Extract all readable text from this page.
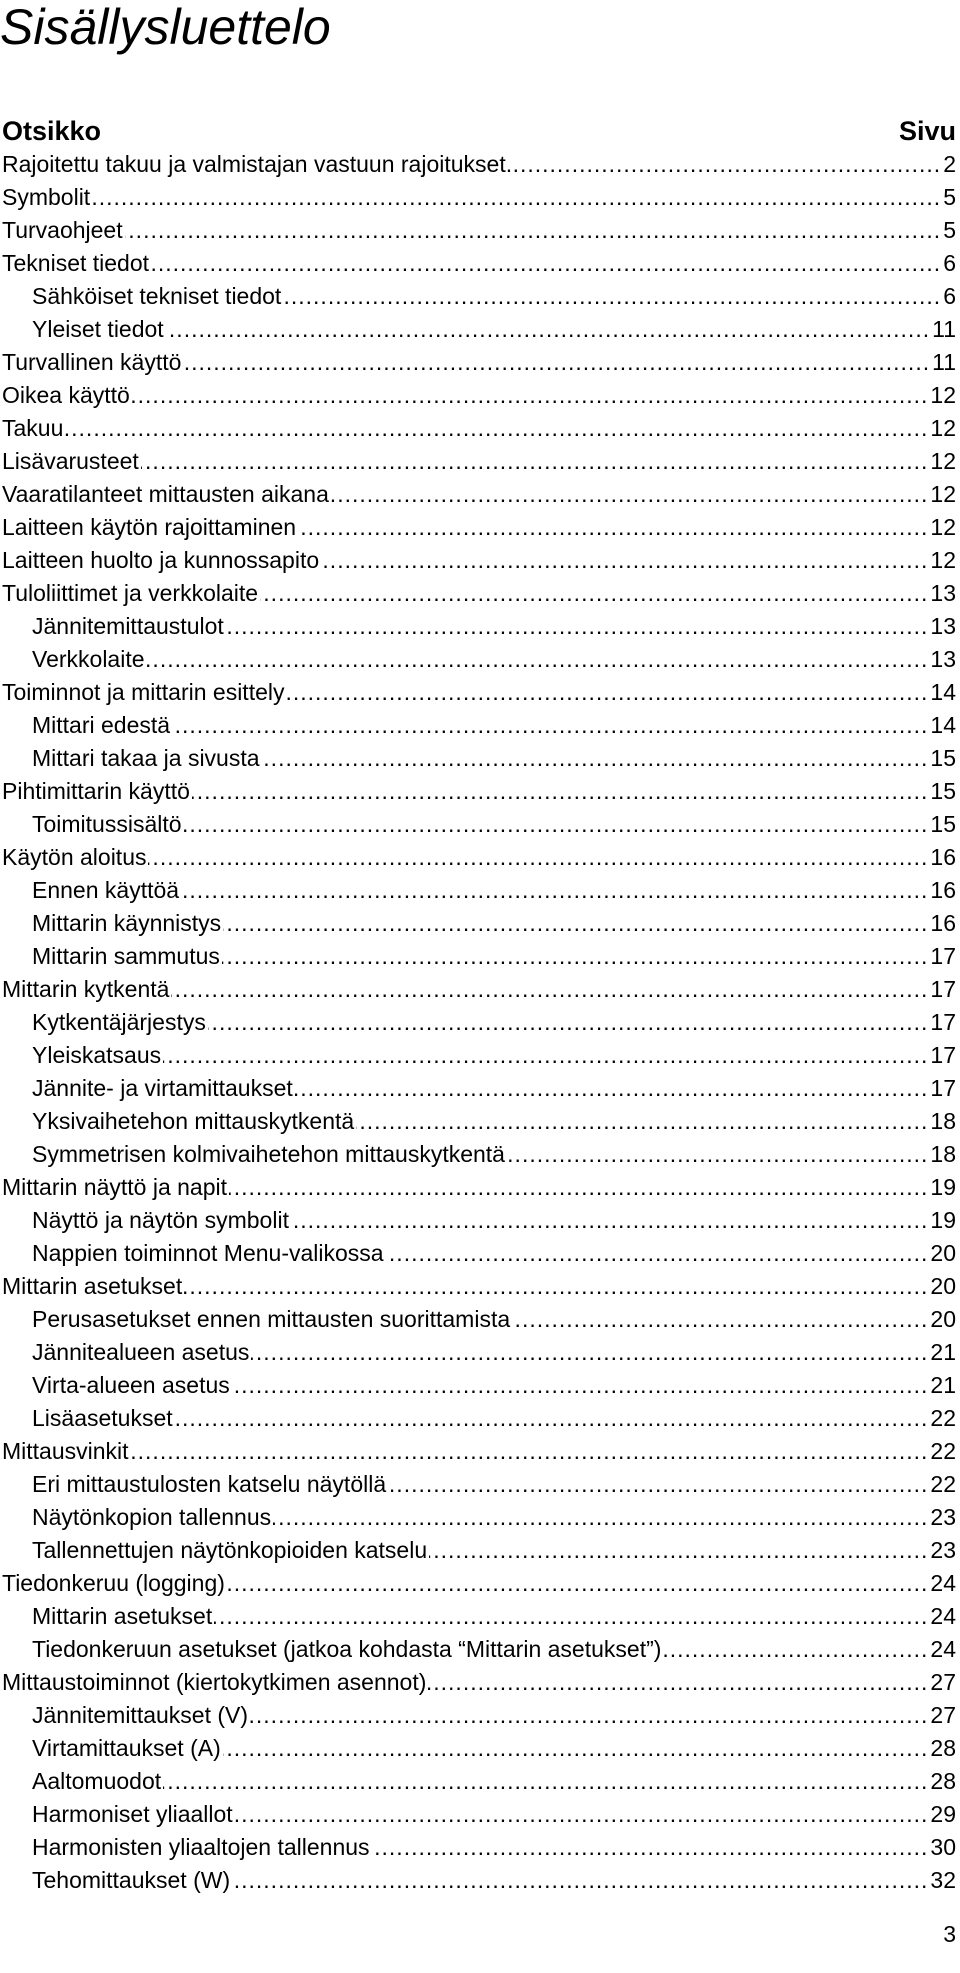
Sisällysluettelo
Otsikko	Sivu
Rajoitettu takuu ja valmistajan vastuun rajoitukset. .....	2
Symbolit .....	5
Turvaohjeet .....	5
Tekniset tiedot .....	6
Sähköiset tekniset tiedot .....	6
Yleiset tiedot .....	11
Turvallinen käyttö .....	11
Oikea käyttö .....	12
Takuu .....	12
Lisävarusteet .....	12
Vaaratilanteet mittausten aikana .....	12
Laitteen käytön rajoittaminen .....	12
Laitteen huolto ja kunnossapito .....	12
Tuloliittimet ja verkkolaite .....	13
Jännitemittaustulot .....	13
Verkkolaite .....	13
Toiminnot ja mittarin esittely .....	14
Mittari edestä .....	14
Mittari takaa ja sivusta .....	15
Pihtimittarin käyttö .....	15
Toimitussisältö .....	15
Käytön aloitus .....	16
Ennen käyttöä .....	16
Mittarin käynnistys .....	16
Mittarin sammutus .....	17
Mittarin kytkentä .....	17
Kytkentäjärjestys .....	17
Yleiskatsaus .....	17
Jännite- ja virtamittaukset .....	17
Yksivaihetehon mittauskytkentä .....	18
Symmetrisen kolmivaihetehon mittauskytkentä .....	18
Mittarin näyttö ja napit .....	19
Näyttö ja näytön symbolit .....	19
Nappien toiminnot Menu-valikossa .....	20
Mittarin asetukset .....	20
Perusasetukset ennen mittausten suorittamista .....	20
Jännitealueen asetus .....	21
Virta-alueen asetus .....	21
Lisäasetukset .....	22
Mittausvinkit .....	22
Eri mittaustulosten katselu näytöllä .....	22
Näytönkopion tallennus .....	23
Tallennettujen näytönkopioiden katselu .....	23
Tiedonkeruu (logging) .....	24
Mittarin asetukset .....	24
Tiedonkeruun asetukset (jatkoa kohdasta “Mittarin asetukset”) .....	24
Mittaustoiminnot (kiertokytkimen asennot) .....	27
Jännitemittaukset (V) .....	27
Virtamittaukset (A) .....	28
Aaltomuodot .....	28
Harmoniset yliaallot .....	29
Harmonisten yliaaltojen tallennus .....	30
Tehomittaukset (W) .....	32
3
